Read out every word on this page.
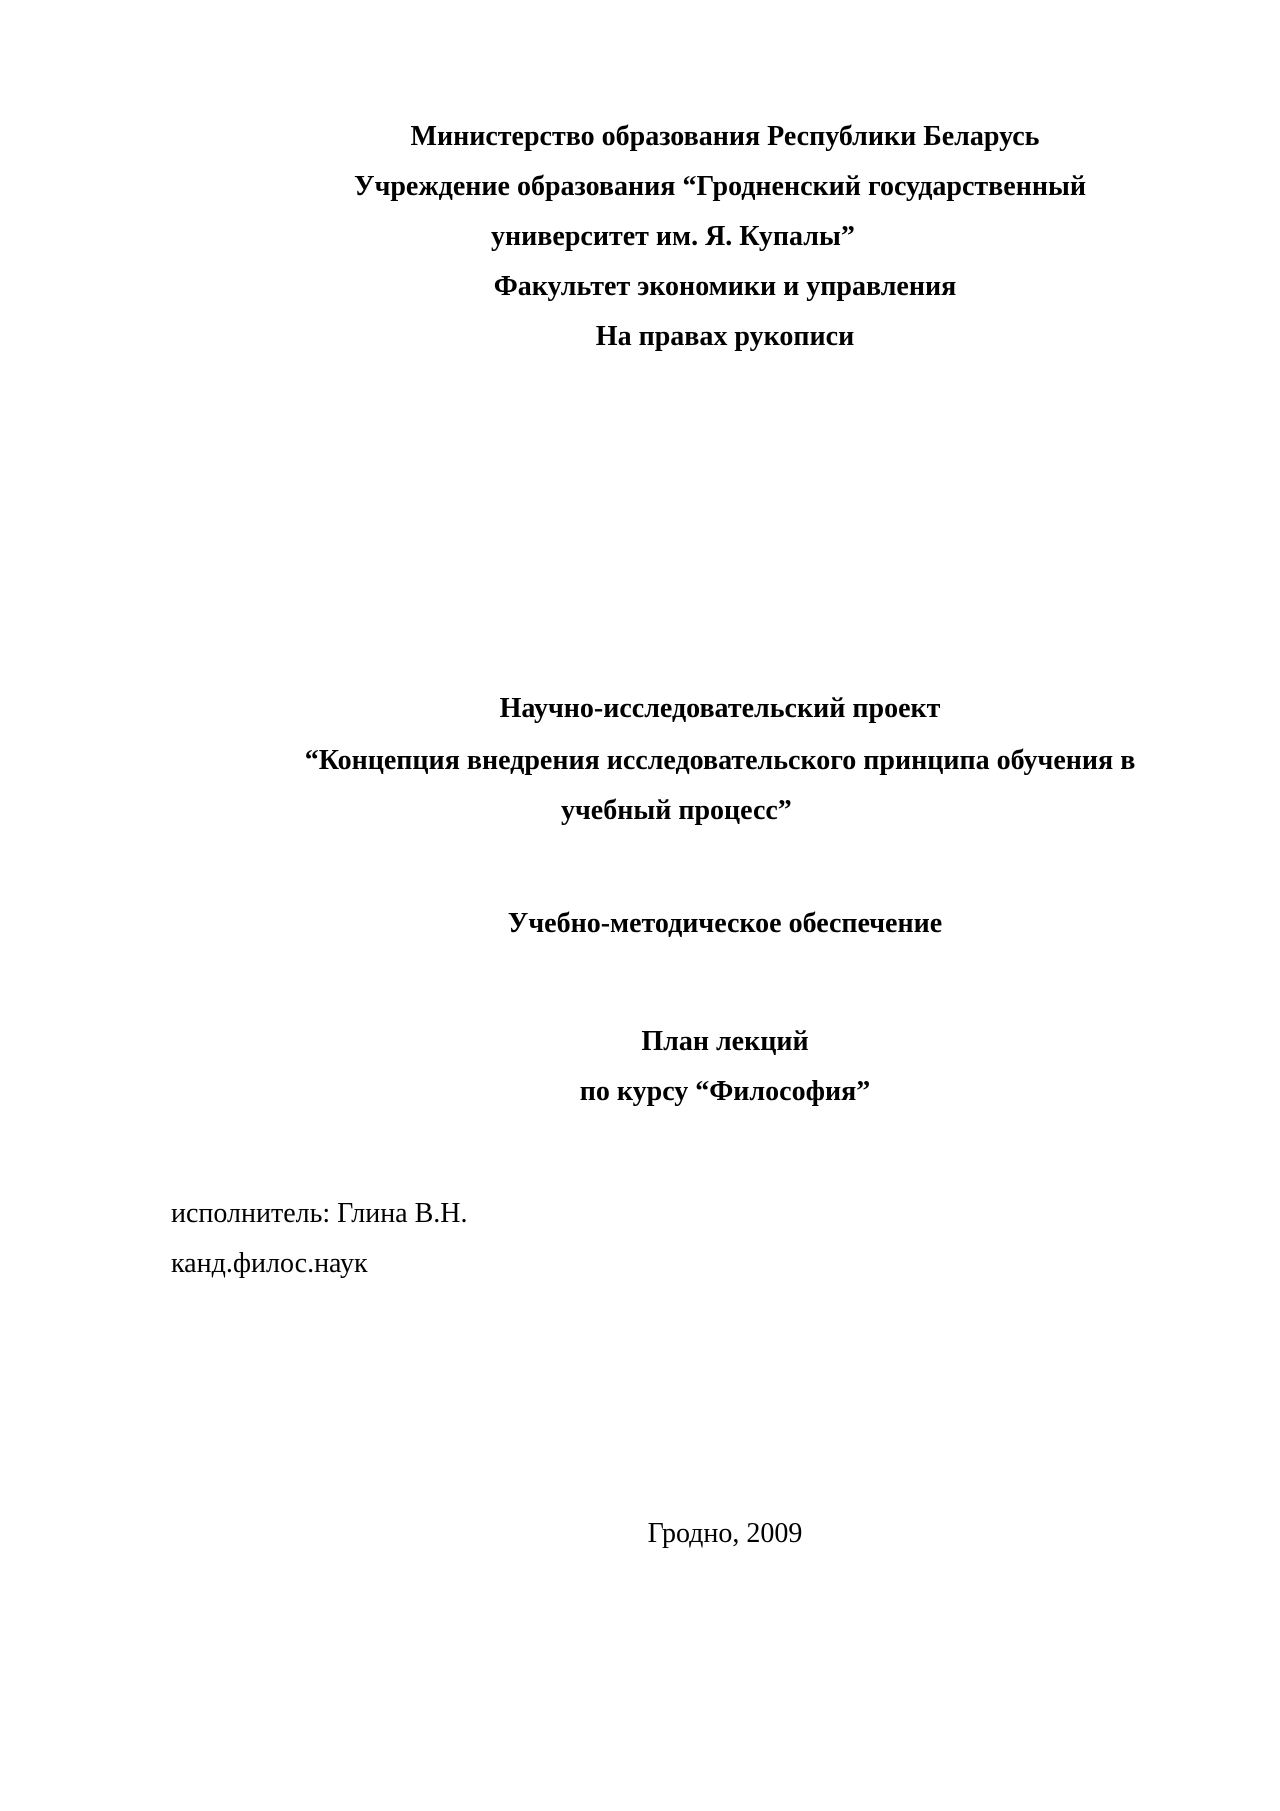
Министерство образования Республики Беларусь
Учреждение образования “Гродненский государственный
университет им. Я. Купалы”
Факультет экономики и управления
На правах рукописи
Научно-исследовательский проект
“Концепция внедрения исследовательского принципа обучения в
учебный процесс”
Учебно-методическое обеспечение
План лекций
по курсу “Философия”
исполнитель: Глина В.Н.
канд.филос.наук
Гродно, 2009
